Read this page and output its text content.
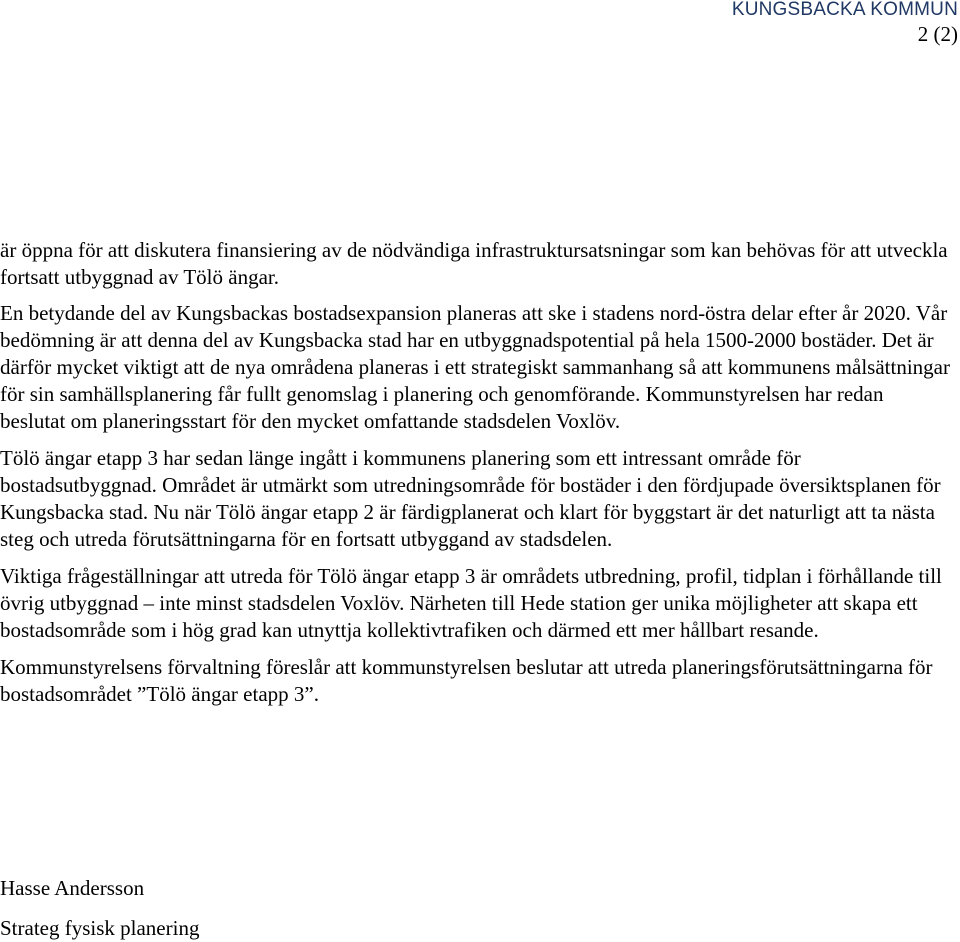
KUNGSBACKA KOMMUN
2 (2)

är öppna för att diskutera finansiering av de nödvändiga infrastruktursatsningar som kan behövas för att utveckla fortsatt utbyggnad av Tölö ängar.

En betydande del av Kungsbackas bostadsexpansion planeras att ske i stadens nord-östra delar efter år 2020. Vår bedömning är att denna del av Kungsbacka stad har en utbyggnadspotential på hela 1500-2000 bostäder. Det är därför mycket viktigt att de nya områdena planeras i ett strategiskt sammanhang så att kommunens målsättningar för sin samhällsplanering får fullt genomslag i planering och genomförande. Kommunstyrelsen har redan beslutat om planeringsstart för den mycket omfattande stadsdelen Voxlöv.

Tölö ängar etapp 3 har sedan länge ingått i kommunens planering som ett intressant område för bostadsutbyggnad. Området är utmärkt som utredningsområde för bostäder i den fördjupade översiktsplanen för Kungsbacka stad. Nu när Tölö ängar etapp 2 är färdigplanerat och klart för byggstart är det naturligt att ta nästa steg och utreda förutsättningarna för en fortsatt utbyggand av stadsdelen.

Viktiga frågeställningar att utreda för Tölö ängar etapp 3 är områdets utbredning, profil, tidplan i förhållande till övrig utbyggnad – inte minst stadsdelen Voxlöv. Närheten till Hede station ger unika möjligheter att skapa ett bostadsområde som i hög grad kan utnyttja kollektivtrafiken och därmed ett mer hållbart resande.

Kommunstyrelsens förvaltning föreslår att kommunstyrelsen beslutar att utreda planeringsförutsättningarna för bostadsområdet ”Tölö ängar etapp 3”.

Hasse Andersson
Strateg fysisk planering
